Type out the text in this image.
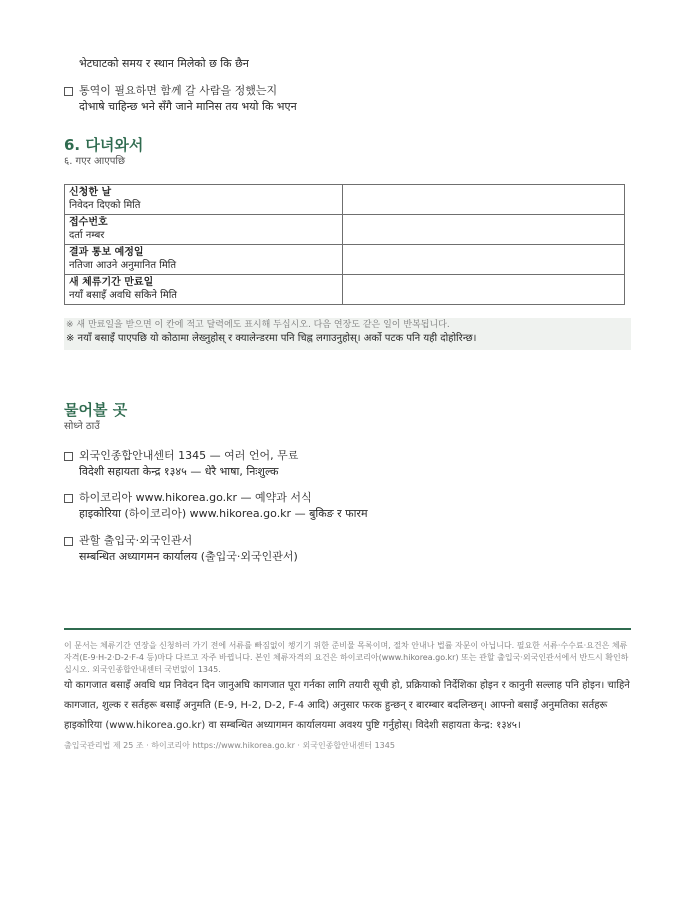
भेटघाटको समय र स्थान मिलेको छ कि छैन
통역이 필요하면 함께 갈 사람을 정했는지
दोभाषे चाहिन्छ भने सँगै जाने मानिस तय भयो कि भएन
6. 다녀와서
६. गएर आएपछि
신청한 날
निवेदन दिएको मिति	

접수번호
दर्ता नम्बर	

결과 통보 예정일
नतिजा आउने अनुमानित मिति	

새 체류기간 만료일
नयाँ बसाइँ अवधि सकिने मिति	

※ 새 만료일을 받으면 이 칸에 적고 달력에도 표시해 두십시오. 다음 연장도 같은 일이 반복됩니다.
※ नयाँ बसाइँ पाएपछि यो कोठामा लेख्नुहोस् र क्यालेन्डरमा पनि चिह्न लगाउनुहोस्। अर्को पटक पनि यही दोहोरिन्छ।
물어볼 곳
सोध्ने ठाउँ
외국인종합안내센터 1345 — 여러 언어, 무료
विदेशी सहायता केन्द्र १३४५ — धेरै भाषा, निःशुल्क
하이코리아 www.hikorea.go.kr — 예약과 서식
हाइकोरिया (하이코리아) www.hikorea.go.kr — बुकिङ र फारम
관할 출입국·외국인관서
सम्बन्धित अध्यागमन कार्यालय (출입국·외국인관서)
이 문서는 체류기간 연장을 신청하러 가기 전에 서류를 빠짐없이 챙기기 위한 준비물 목록이며, 절차 안내나 법률 자문이 아닙니다. 필요한 서류·수수료·요건은 체류자격(E-9·H-2·D-2·F-4 등)마다 다르고 자주 바뀝니다. 본인 체류자격의 요건은 하이코리아(www.hikorea.go.kr) 또는 관할 출입국·외국인관서에서 반드시 확인하십시오. 외국인종합안내센터 국번없이 1345.
यो कागजात बसाइँ अवधि थप्न निवेदन दिन जानुअघि कागजात पूरा गर्नका लागि तयारी सूची हो, प्रक्रियाको निर्देशिका होइन र कानुनी सल्लाह पनि होइन। चाहिने कागजात, शुल्क र सर्तहरू बसाइँ अनुमति (E-9, H-2, D-2, F-4 आदि) अनुसार फरक हुन्छन् र बारम्बार बदलिन्छन्। आफ्नो बसाइँ अनुमतिका सर्तहरू हाइकोरिया (www.hikorea.go.kr) वा सम्बन्धित अध्यागमन कार्यालयमा अवश्य पुष्टि गर्नुहोस्। विदेशी सहायता केन्द्र: १३४५।
출입국관리법 제 25 조 · 하이코리아 https://www.hikorea.go.kr · 외국인종합안내센터 1345
